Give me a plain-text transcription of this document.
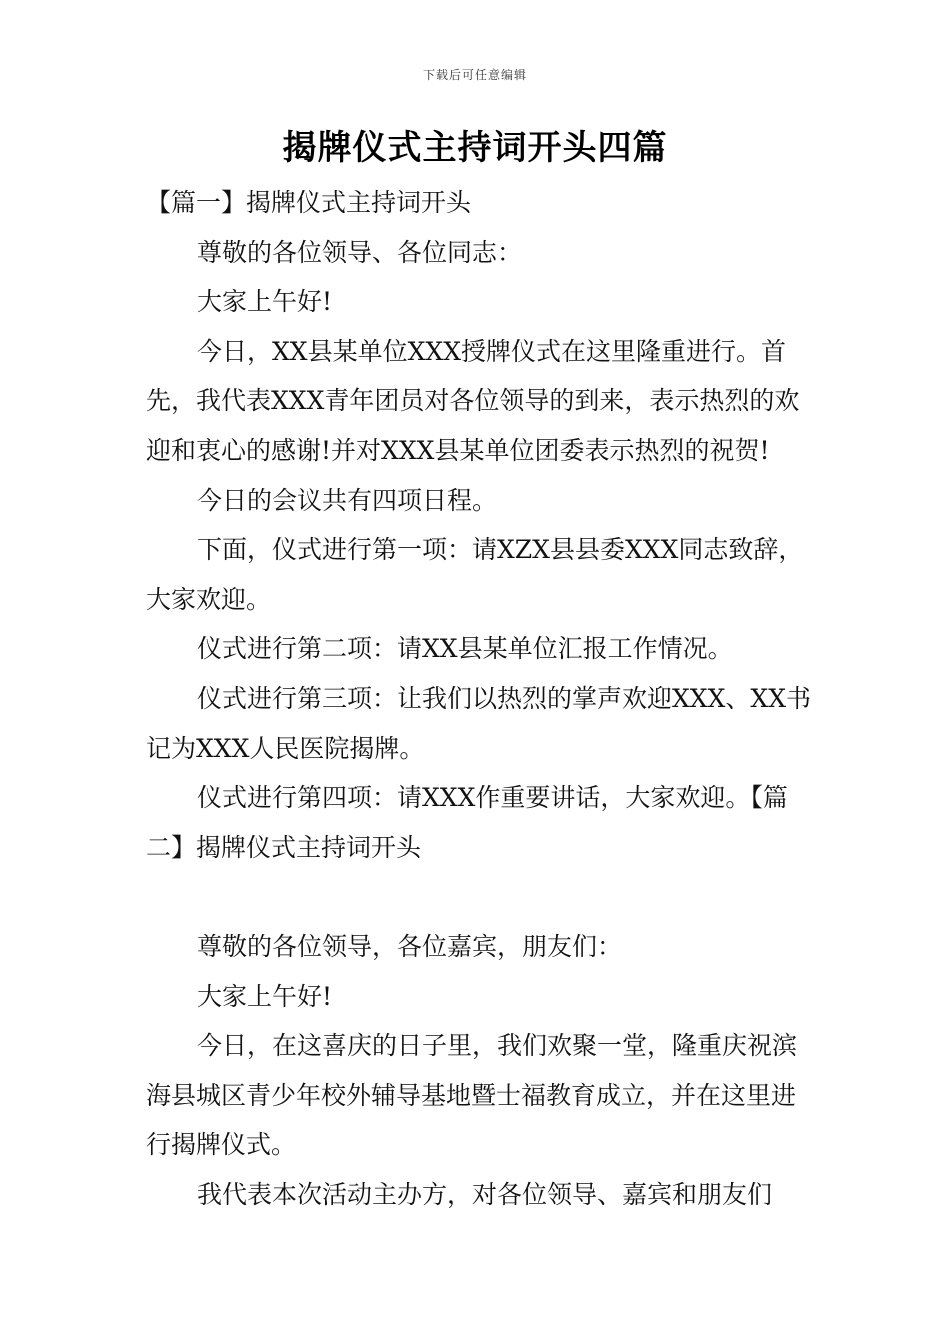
下载后可任意编辑
揭牌仪式主持词开头四篇

【篇一】揭牌仪式主持词开头

尊敬的各位领导、各位同志：

大家上午好!

今日，XX县某单位XXX授牌仪式在这里隆重进行。首先，我代表XXX青年团员对各位领导的到来，表示热烈的欢迎和衷心的感谢!并对XXX县某单位团委表示热烈的祝贺!

今日的会议共有四项日程。

下面，仪式进行第一项：请XZX县县委XXX同志致辞，大家欢迎。

仪式进行第二项：请XX县某单位汇报工作情况。

仪式进行第三项：让我们以热烈的掌声欢迎XXX、XX书记为XXX人民医院揭牌。

仪式进行第四项：请XXX作重要讲话，大家欢迎。【篇二】揭牌仪式主持词开头

尊敬的各位领导，各位嘉宾，朋友们：

大家上午好!

今日，在这喜庆的日子里，我们欢聚一堂，隆重庆祝滨海县城区青少年校外辅导基地暨士福教育成立，并在这里进行揭牌仪式。

我代表本次活动主办方，对各位领导、嘉宾和朋友们
